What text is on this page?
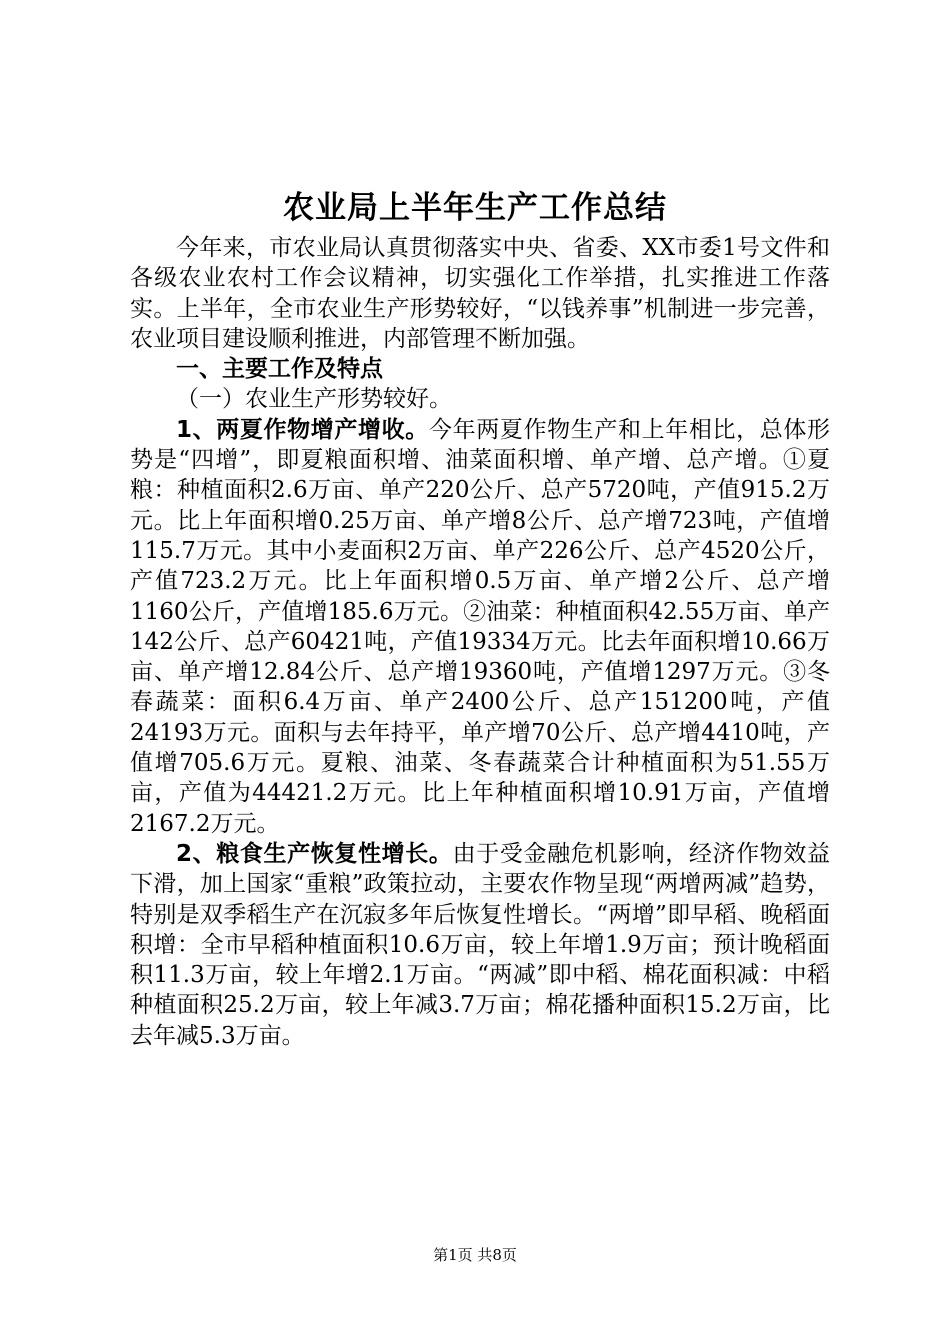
农业局上半年生产工作总结

今年来，市农业局认真贯彻落实中央、省委、XX市委1号文件和各级农业农村工作会议精神，切实强化工作举措，扎实推进工作落实。上半年，全市农业生产形势较好，“以钱养事”机制进一步完善，农业项目建设顺利推进，内部管理不断加强。

一、主要工作及特点

（一）农业生产形势较好。

1、两夏作物增产增收。今年两夏作物生产和上年相比，总体形势是“四增”，即夏粮面积增、油菜面积增、单产增、总产增。①夏粮：种植面积2.6万亩、单产220公斤、总产5720吨，产值915.2万元。比上年面积增0.25万亩、单产增8公斤、总产增723吨，产值增115.7万元。其中小麦面积2万亩、单产226公斤、总产4520公斤，产值723.2万元。比上年面积增0.5万亩、单产增2公斤、总产增1160公斤，产值增185.6万元。②油菜：种植面积42.55万亩、单产142公斤、总产60421吨，产值19334万元。比去年面积增10.66万亩、单产增12.84公斤、总产增19360吨，产值增1297万元。③冬春蔬菜：面积6.4万亩、单产2400公斤、总产151200吨，产值24193万元。面积与去年持平，单产增70公斤、总产增4410吨，产值增705.6万元。夏粮、油菜、冬春蔬菜合计种植面积为51.55万亩，产值为44421.2万元。比上年种植面积增10.91万亩，产值增2167.2万元。

2、粮食生产恢复性增长。由于受金融危机影响，经济作物效益下滑，加上国家“重粮”政策拉动，主要农作物呈现“两增两减”趋势，特别是双季稻生产在沉寂多年后恢复性增长。“两增”即早稻、晚稻面积增：全市早稻种植面积10.6万亩，较上年增1.9万亩；预计晚稻面积11.3万亩，较上年增2.1万亩。“两减”即中稻、棉花面积减：中稻种植面积25.2万亩，较上年减3.7万亩；棉花播种面积15.2万亩，比去年减5.3万亩。

第1页 共8页
